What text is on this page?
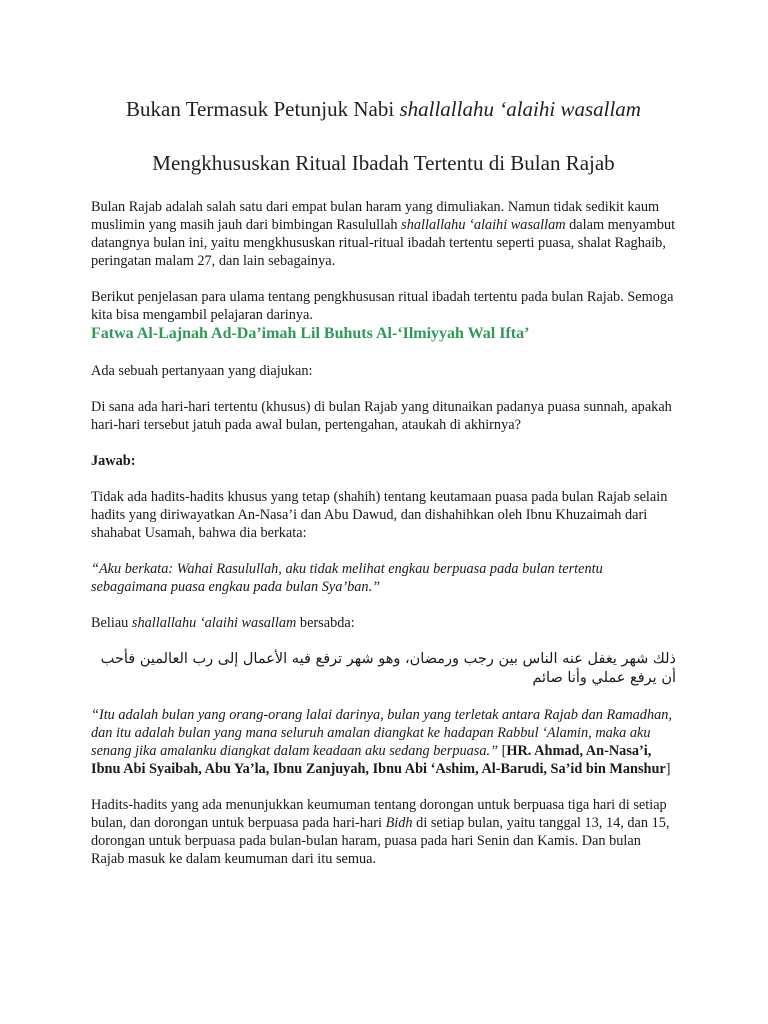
Bukan Termasuk Petunjuk Nabi shallallahu ‘alaihi wasallam
Mengkhususkan Ritual Ibadah Tertentu di Bulan Rajab

Bulan Rajab adalah salah satu dari empat bulan haram yang dimuliakan. Namun tidak sedikit kaum muslimin yang masih jauh dari bimbingan Rasulullah shallallahu ‘alaihi wasallam dalam menyambut datangnya bulan ini, yaitu mengkhususkan ritual-ritual ibadah tertentu seperti puasa, shalat Raghaib, peringatan malam 27, dan lain sebagainya.

Berikut penjelasan para ulama tentang pengkhususan ritual ibadah tertentu pada bulan Rajab. Semoga kita bisa mengambil pelajaran darinya.

Fatwa Al-Lajnah Ad-Da’imah Lil Buhuts Al-‘Ilmiyyah Wal Ifta’

Ada sebuah pertanyaan yang diajukan:

Di sana ada hari-hari tertentu (khusus) di bulan Rajab yang ditunaikan padanya puasa sunnah, apakah hari-hari tersebut jatuh pada awal bulan, pertengahan, ataukah di akhirnya?

Jawab:

Tidak ada hadits-hadits khusus yang tetap (shahih) tentang keutamaan puasa pada bulan Rajab selain hadits yang diriwayatkan An-Nasa’i dan Abu Dawud, dan dishahihkan oleh Ibnu Khuzaimah dari shahabat Usamah, bahwa dia berkata:

“Aku berkata: Wahai Rasulullah, aku tidak melihat engkau berpuasa pada bulan tertentu sebagaimana puasa engkau pada bulan Sya’ban.”

Beliau shallallahu ‘alaihi wasallam bersabda:

ذلك شهر يغفل عنه الناس بين رجب ورمضان، وهو شهر ترفع فيه الأعمال إلى رب العالمين فأحب أن يرفع عملي وأنا صائم

“Itu adalah bulan yang orang-orang lalai darinya, bulan yang terletak antara Rajab dan Ramadhan, dan itu adalah bulan yang mana seluruh amalan diangkat ke hadapan Rabbul ‘Alamin, maka aku senang jika amalanku diangkat dalam keadaan aku sedang berpuasa.” [HR. Ahmad, An-Nasa’i, Ibnu Abi Syaibah, Abu Ya’la, Ibnu Zanjuyah, Ibnu Abi ‘Ashim, Al-Barudi, Sa’id bin Manshur]

Hadits-hadits yang ada menunjukkan keumuman tentang dorongan untuk berpuasa tiga hari di setiap bulan, dan dorongan untuk berpuasa pada hari-hari Bidh di setiap bulan, yaitu tanggal 13, 14, dan 15, dorongan untuk berpuasa pada bulan-bulan haram, puasa pada hari Senin dan Kamis. Dan bulan Rajab masuk ke dalam keumuman dari itu semua.
